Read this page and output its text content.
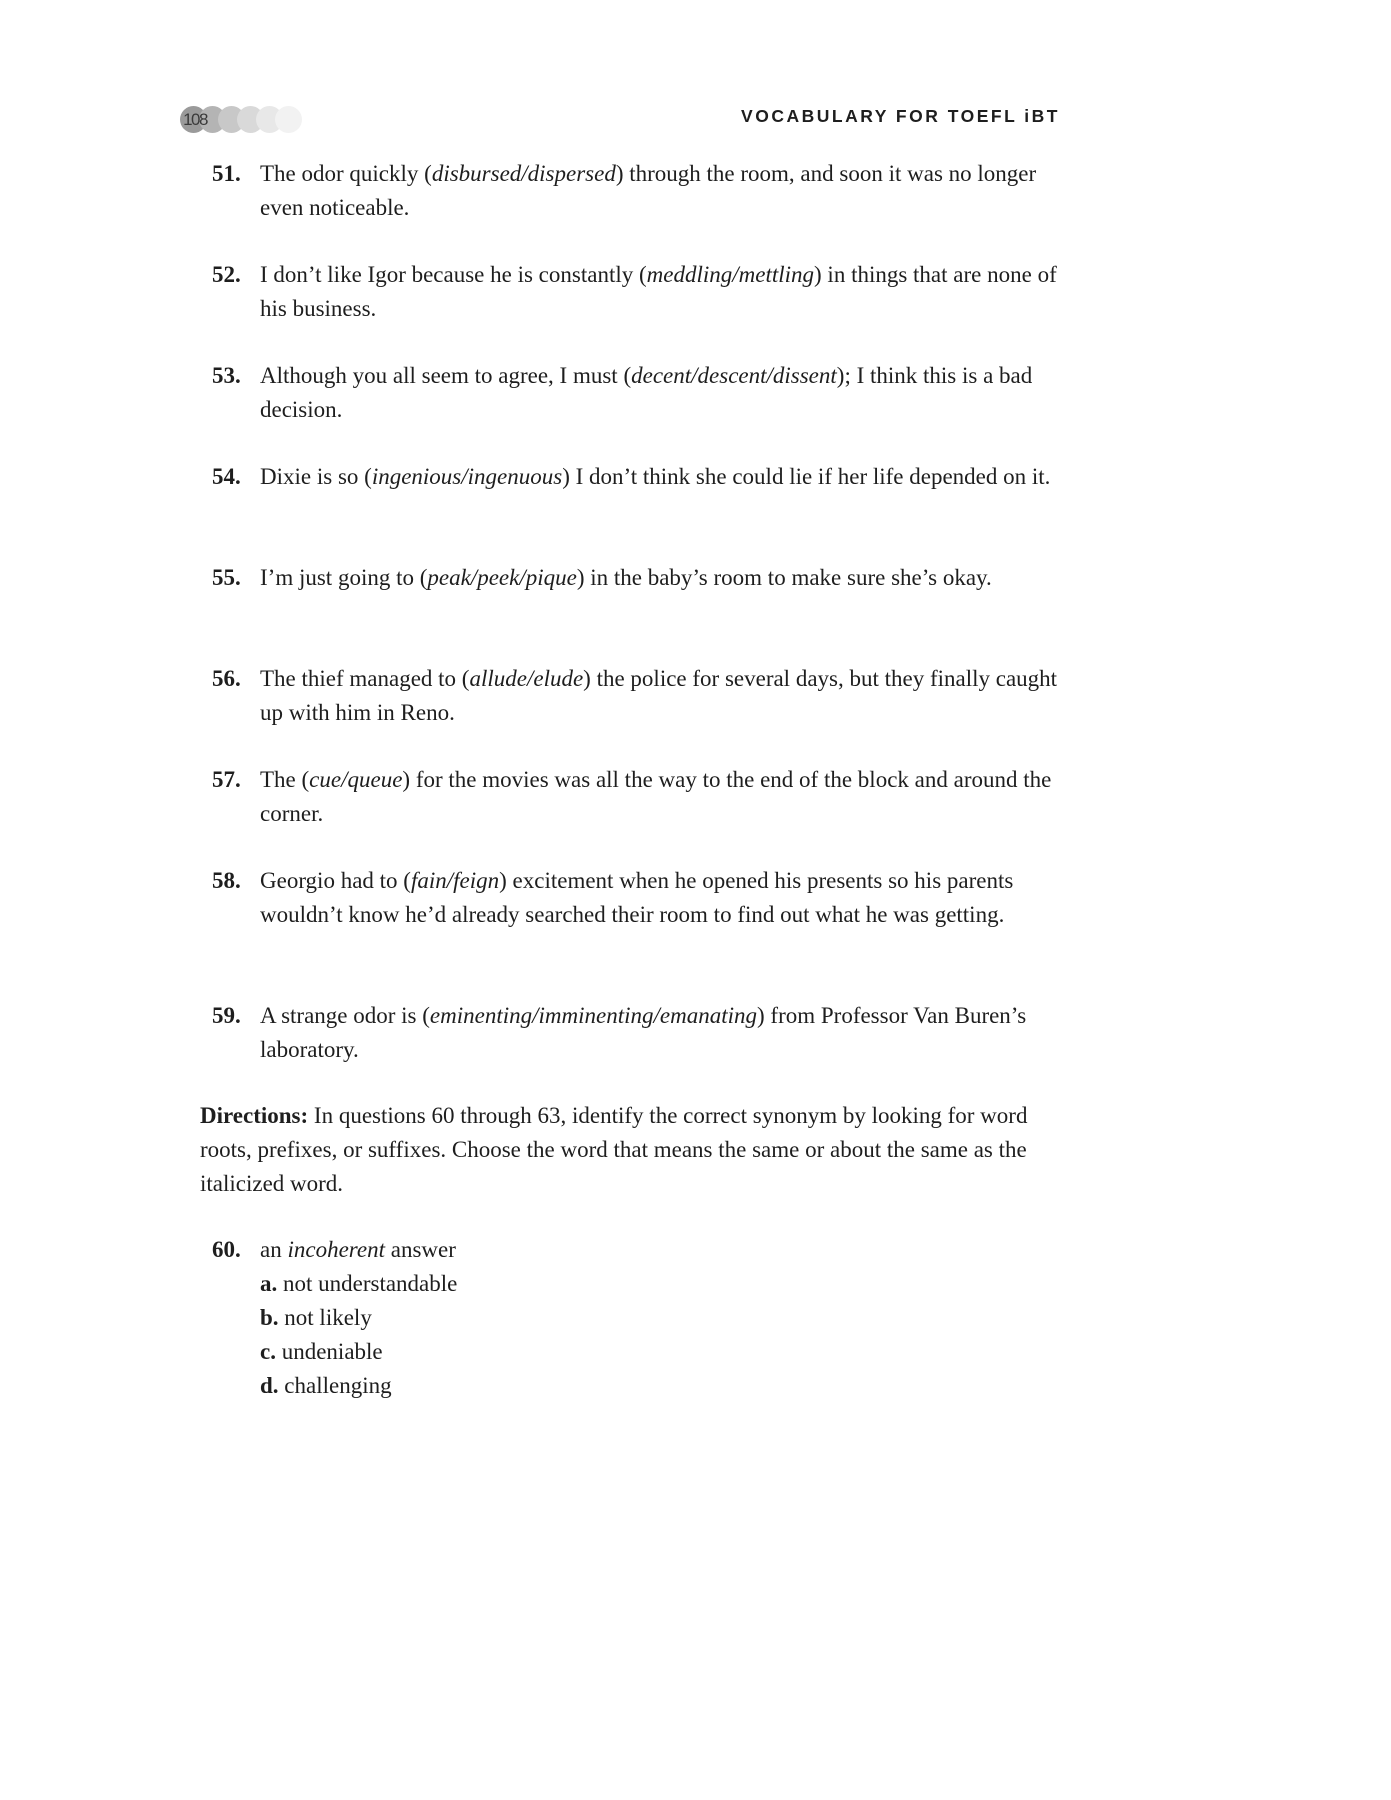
108	VOCABULARY FOR TOEFL iBT
51. The odor quickly (disbursed/dispersed) through the room, and soon it was no longer even noticeable.
52. I don’t like Igor because he is constantly (meddling/mettling) in things that are none of his business.
53. Although you all seem to agree, I must (decent/descent/dissent); I think this is a bad decision.
54. Dixie is so (ingenious/ingenuous) I don’t think she could lie if her life depended on it.
55. I’m just going to (peak/peek/pique) in the baby’s room to make sure she’s okay.
56. The thief managed to (allude/elude) the police for several days, but they finally caught up with him in Reno.
57. The (cue/queue) for the movies was all the way to the end of the block and around the corner.
58. Georgio had to (fain/feign) excitement when he opened his presents so his parents wouldn’t know he’d already searched their room to find out what he was getting.
59. A strange odor is (eminenting/imminenting/emanating) from Professor Van Buren’s laboratory.
Directions: In questions 60 through 63, identify the correct synonym by looking for word roots, prefixes, or suffixes. Choose the word that means the same or about the same as the italicized word.
60. an incoherent answer
a. not understandable
b. not likely
c. undeniable
d. challenging
